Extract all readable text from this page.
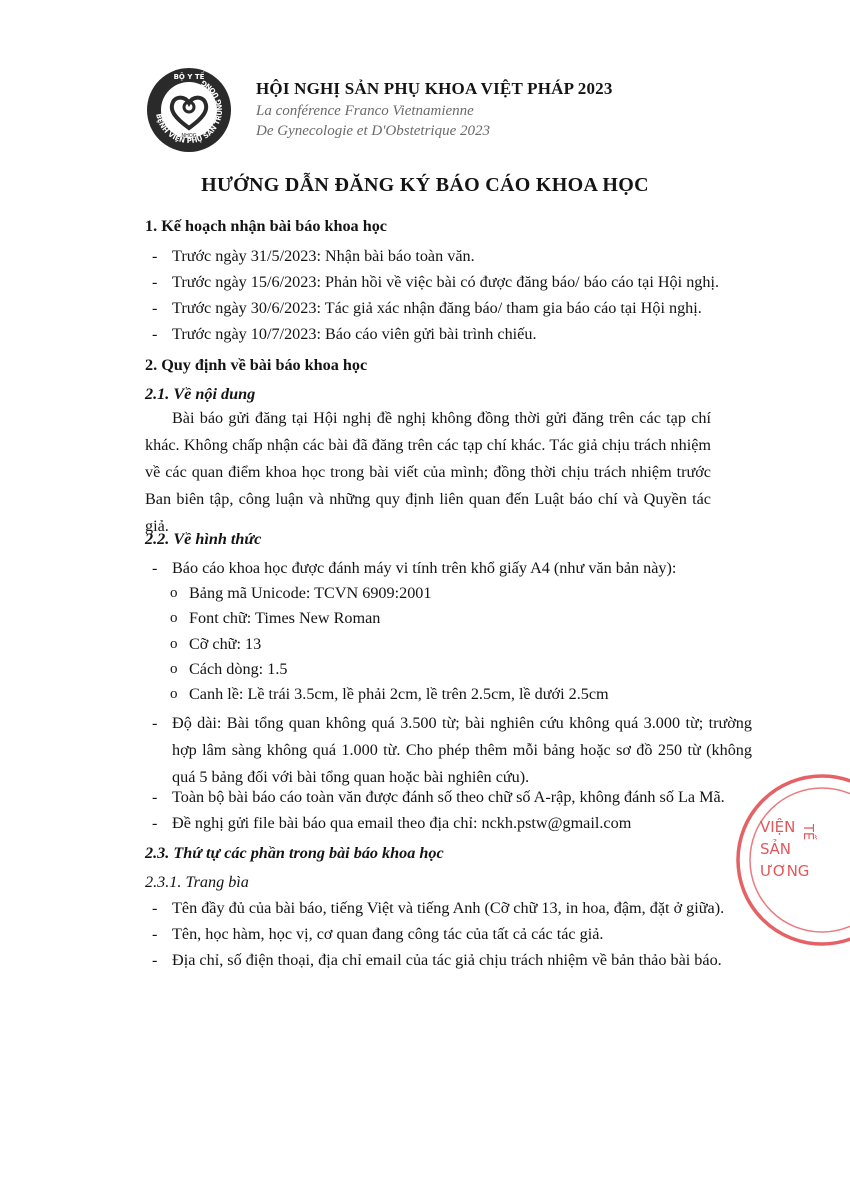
BỆNH VIỆN PHỤ SẢN TRUNG ƯƠNG
BỘ Y TẾ
NHOG
HỘI NGHỊ SẢN PHỤ KHOA VIỆT PHÁP 2023
La conférence Franco Vietnamienne
De Gynecologie et D'Obstetrique 2023
HƯỚNG DẪN ĐĂNG KÝ BÁO CÁO KHOA HỌC
1. Kế hoạch nhận bài báo khoa học
- Trước ngày 31/5/2023: Nhận bài báo toàn văn.
- Trước ngày 15/6/2023: Phản hồi về việc bài có được đăng báo/ báo cáo tại Hội nghị.
- Trước ngày 30/6/2023: Tác giả xác nhận đăng báo/ tham gia báo cáo tại Hội nghị.
- Trước ngày 10/7/2023: Báo cáo viên gửi bài trình chiếu.
2. Quy định về bài báo khoa học
2.1. Về nội dung
Bài báo gửi đăng tại Hội nghị đề nghị không đồng thời gửi đăng trên các tạp chí khác. Không chấp nhận các bài đã đăng trên các tạp chí khác. Tác giả chịu trách nhiệm về các quan điểm khoa học trong bài viết của mình; đồng thời chịu trách nhiệm trước Ban biên tập, công luận và những quy định liên quan đến Luật báo chí và Quyền tác giả.
2.2. Về hình thức
- Báo cáo khoa học được đánh máy vi tính trên khổ giấy A4 (như văn bản này):
o Bảng mã Unicode: TCVN 6909:2001
o Font chữ: Times New Roman
o Cỡ chữ: 13
o Cách dòng: 1.5
o Canh lề: Lề trái 3.5cm, lề phải 2cm, lề trên 2.5cm, lề dưới 2.5cm
- Độ dài: Bài tổng quan không quá 3.500 từ; bài nghiên cứu không quá 3.000 từ; trường hợp lâm sàng không quá 1.000 từ. Cho phép thêm mỗi bảng hoặc sơ đồ 250 từ (không quá 5 bảng đối với bài tổng quan hoặc bài nghiên cứu).
- Toàn bộ bài báo cáo toàn văn được đánh số theo chữ số A-rập, không đánh số La Mã.
- Đề nghị gửi file bài báo qua email theo địa chỉ: nckh.pstw@gmail.com
2.3. Thứ tự các phần trong bài báo khoa học
2.3.1. Trang bìa
- Tên đầy đủ của bài báo, tiếng Việt và tiếng Anh (Cỡ chữ 13, in hoa, đậm, đặt ở giữa).
- Tên, học hàm, học vị, cơ quan đang công tác của tất cả các tác giả.
- Địa chỉ, số điện thoại, địa chỉ email của tác giả chịu trách nhiệm về bản thảo bài báo.
VIỆN
SẢN
ƯƠNG
TẾ
